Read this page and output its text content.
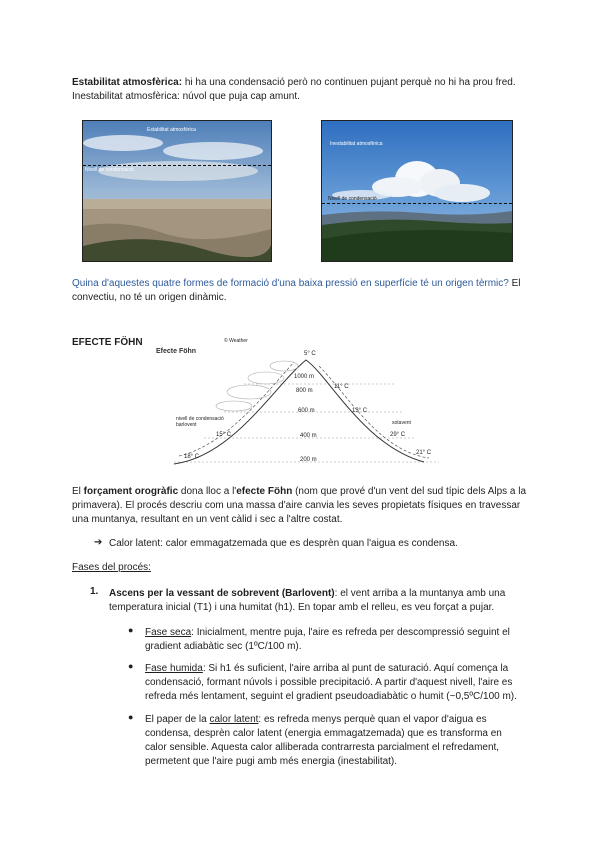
Estabilitat atmosfèrica: hi ha una condensació però no continuen pujant perquè no hi ha prou fred.

Inestabilitat atmosfèrica: núvol que puja cap amunt.

Estabilitat atmosfèrica
Nivell de condensació
Inestabilitat atmosfèrica
Nivell de condensació

Quina d'aquestes quatre formes de formació d'una baixa pressió en superfície té un origen tèrmic? El

convectiu, no té un origen dinàmic.

EFECTE FÖHN

Efecte Föhn
1000 m
800 m
600 m
400 m
200 m
5° C
11° C
13° C
15° C
18° C
21° C
29° C
nivell de condensació barlovent	sotavent
© Weather

El forçament orogràfic dona lloc a l'efecte Föhn (nom que prové d'un vent del sud típic dels Alps a la

primavera). El procés descriu com una massa d'aire canvia les seves propietats físiques en travessar

una muntanya, resultant en un vent càlid i sec a l'altre costat.

➔ Calor latent: calor emmagatzemada que es desprèn quan l'aigua es condensa.

Fases del procés:

1. Ascens per la vessant de sobrevent (Barlovent): el vent arriba a la muntanya amb una

temperatura inicial (T1) i una humitat (h1). En topar amb el relleu, es veu forçat a pujar.

● Fase seca: Inicialment, mentre puja, l'aire es refreda per descompressió seguint el

gradient adiabàtic sec (1ºC/100 m).

● Fase humida: Si h1 és suficient, l'aire arriba al punt de saturació. Aquí comença la

condensació, formant núvols i possible precipitació. A partir d'aquest nivell, l'aire es

refreda més lentament, seguint el gradient pseudoadiabàtic o humit (~0,5ºC/100 m).

● El paper de la calor latent: es refreda menys perquè quan el vapor d'aigua es

condensa, desprèn calor latent (energia emmagatzemada) que es transforma en

calor sensible. Aquesta calor alliberada contrarresta parcialment el refredament,

permetent que l'aire pugi amb més energia (inestabilitat).
